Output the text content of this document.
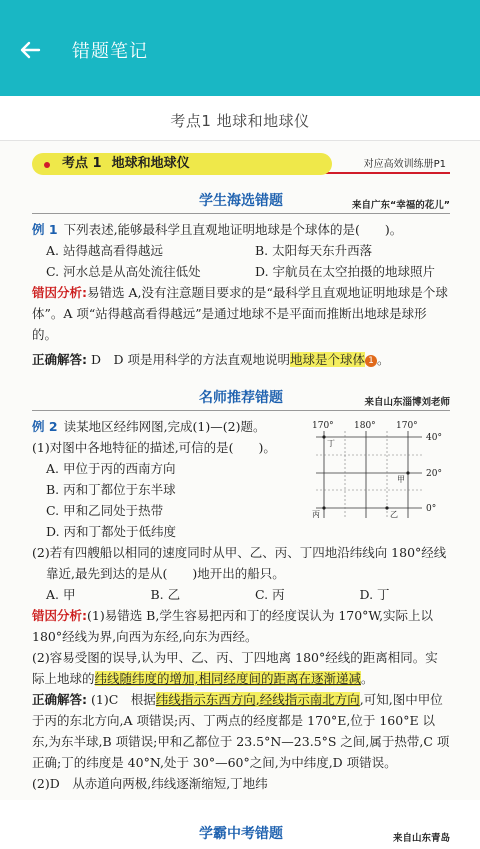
错题笔记
考点1 地球和地球仪
考点 1 地球和地球仪	对应高效训练册P1
学生海选错题	来自广东“幸福的花儿”

例 1 下列表述,能够最科学且直观地证明地球是个球体的是(　　)。

A. 站得越高看得越远	B. 太阳每天东升西落
C. 河水总是从高处流往低处	D. 宇航员在太空拍摄的地球照片

错因分析:易错选 A,没有注意题目要求的是“最科学且直观地证明地球是个球体”。A 项“站得越高看得越远”是通过地球不是平面而推断出地球是球形的。

正确解答: D　D 项是用科学的方法直观地说明地球是个球体 1 。

名师推荐错题	来自山东淄博刘老师

例 2 读某地区经纬网图,完成(1)—(2)题。

(1)对图中各地特征的描述,可信的是(　　)。

A. 甲位于丙的西南方向
B. 丙和丁都位于东半球
C. 甲和乙同处于热带
D. 丙和丁都处于低纬度
170° 180° 170°
40°
20°
0°
丁
甲
丙	乙

(2)若有四艘船以相同的速度同时从甲、乙、丙、丁四地沿纬线向 180°经线

靠近,最先到达的是从(　　)地开出的船只。

A. 甲	B. 乙	C. 丙	D. 丁

错因分析:(1)易错选 B,学生容易把丙和丁的经度误认为 170°W,实际上以 180°经线为界,向西为东经,向东为西经。

(2)容易受图的误导,认为甲、乙、丙、丁四地离 180°经线的距离相同。实际上地球的纬线随纬度的增加,相同经度间的距离在逐渐递减。

正确解答: (1)C　根据纬线指示东西方向,经线指示南北方向,可知,图中甲位于丙的东北方向,A 项错误;丙、丁两点的经度都是 170°E,位于 160°E 以东,为东半球,B 项错误;甲和乙都位于 23.5°N—23.5°S 之间,属于热带,C 项正确;丁的纬度是 40°N,处于 30°—60°之间,为中纬度,D 项错误。

(2)D　从赤道向两极,纬线逐渐缩短,丁地纬

学霸中考错题	来自山东青岛
